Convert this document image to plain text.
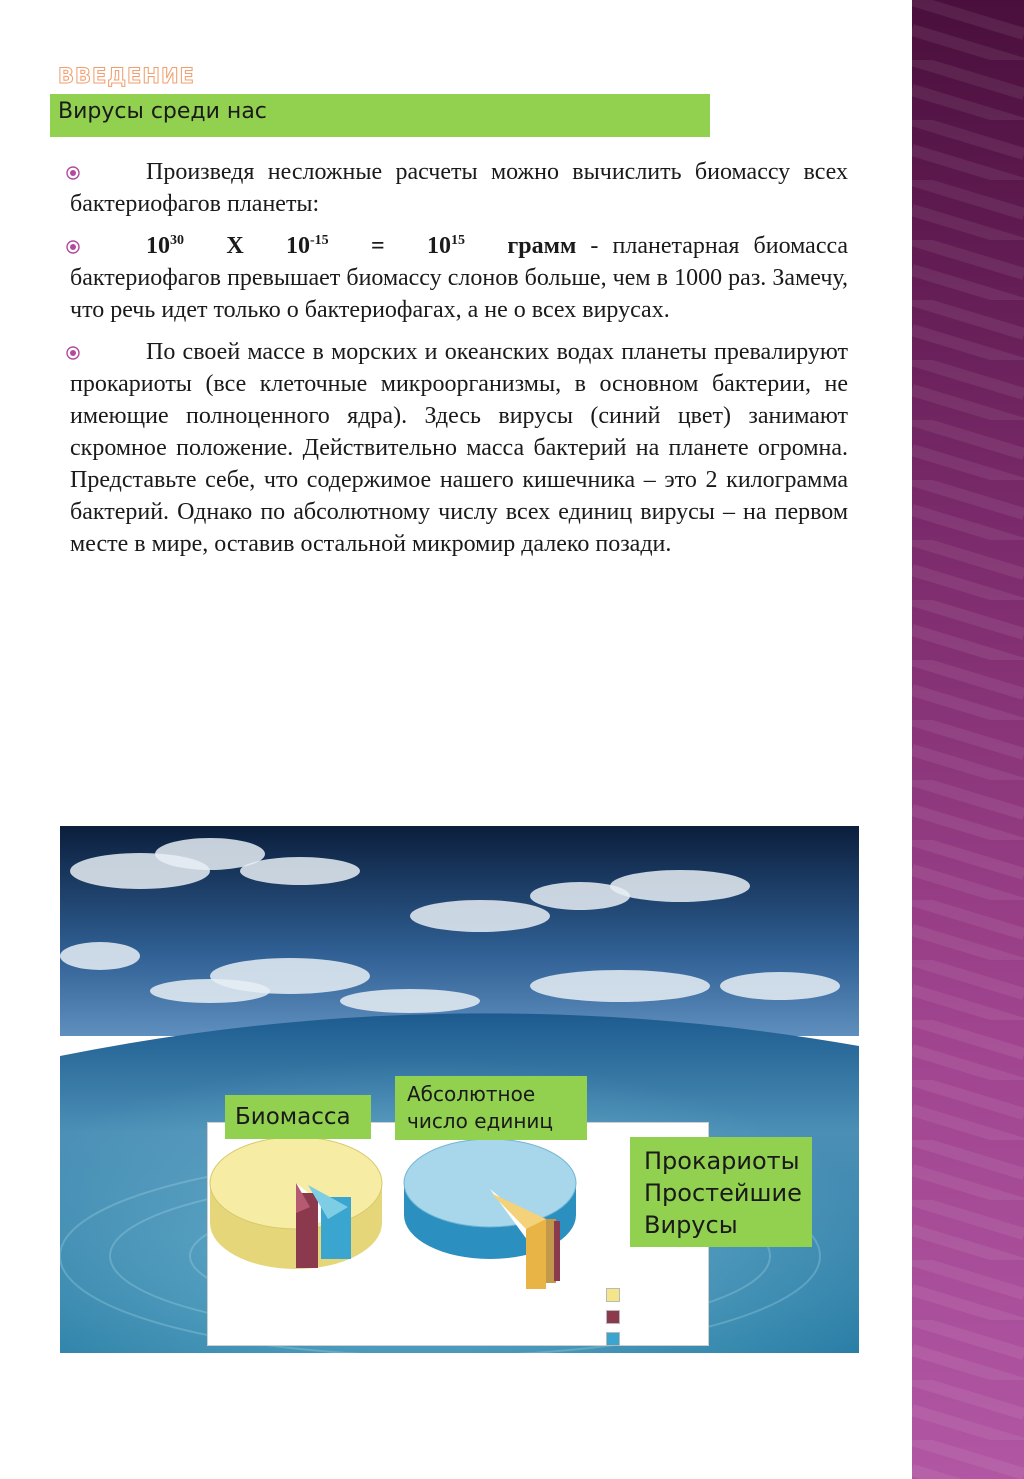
ВВЕДЕНИЕ
Вирусы среди нас
Произведя несложные расчеты можно вычислить биомассу всех бактериофагов планеты:
$10^{30}$ Х $10^{-15} = 10^{15}$ грамм - планетарная биомасса бактериофагов превышает биомассу слонов больше, чем в 1000 раз. Замечу, что речь идет только о бактериофагах, а не о всех вирусах.
По своей массе в морских и океанских водах планеты превалируют прокариоты (все клеточные микроорганизмы, в основном бактерии, не имеющие полноценного ядра). Здесь вирусы (синий цвет) занимают скромное положение. Действительно масса бактерий на планете огромна. Представьте себе, что содержимое нашего кишечника – это 2 килограмма бактерий. Однако по абсолютному числу всех единиц вирусы – на первом месте в мире, оставив остальной микромир далеко позади.
Биомасса
Абсолютное
число единиц
Прокариоты
Простейшие
Вирусы
